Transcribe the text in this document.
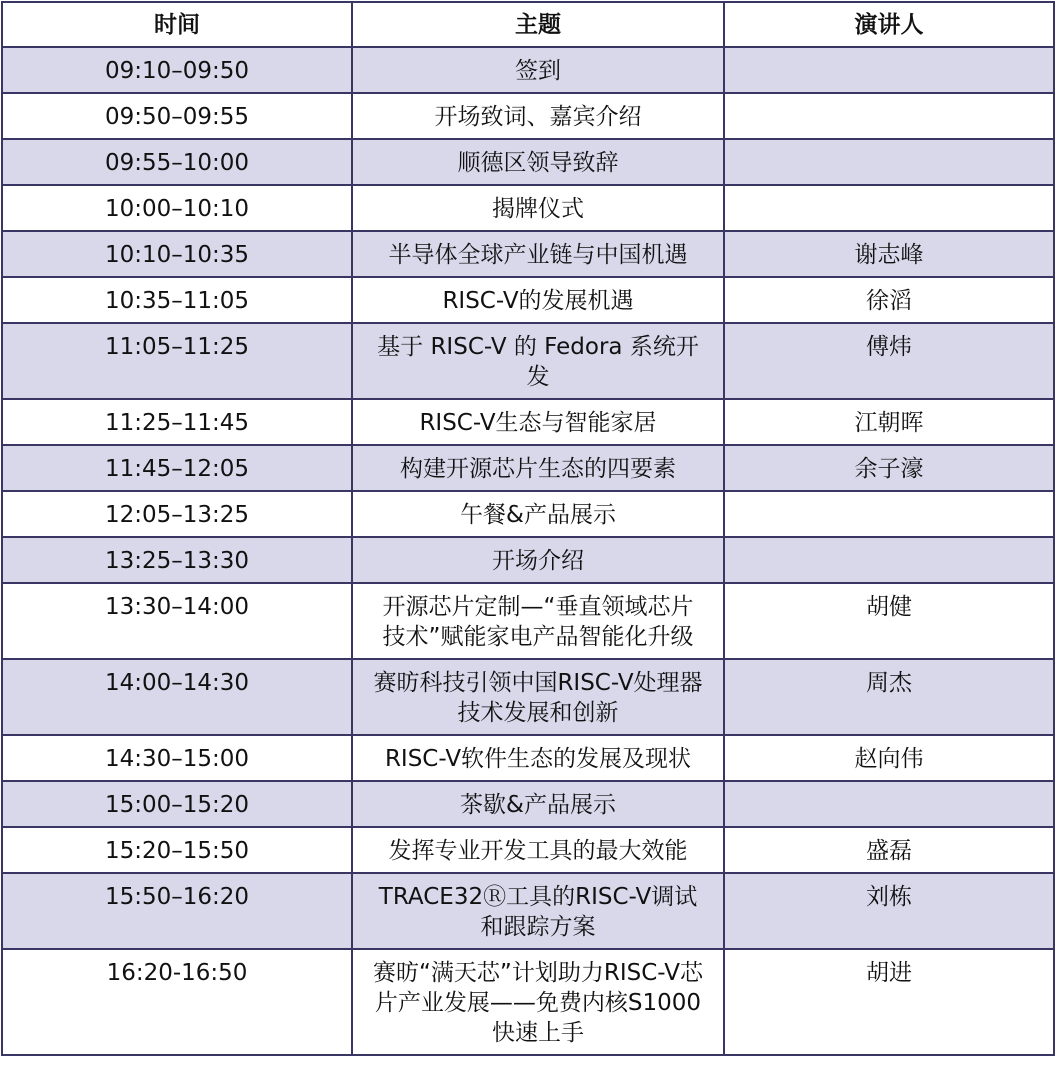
时间	主题	演讲人
09:10–09:50	签到	
09:50–09:55	开场致词、嘉宾介绍	
09:55–10:00	顺德区领导致辞	
10:00–10:10	揭牌仪式	
10:10–10:35	半导体全球产业链与中国机遇	谢志峰
10:35–11:05	RISC-V的发展机遇	徐滔
11:05–11:25	基于 RISC-V 的 Fedora 系统开发	傅炜
11:25–11:45	RISC-V生态与智能家居	江朝晖
11:45–12:05	构建开源芯片生态的四要素	余子濠
12:05–13:25	午餐&产品展示	
13:25–13:30	开场介绍	
13:30–14:00	开源芯片定制—“垂直领域芯片技术”赋能家电产品智能化升级	胡健
14:00–14:30	赛昉科技引领中国RISC-V处理器技术发展和创新	周杰
14:30–15:00	RISC-V软件生态的发展及现状	赵向伟
15:00–15:20	茶歇&产品展示	
15:20–15:50	发挥专业开发工具的最大效能	盛磊
15:50–16:20	TRACE32Ⓡ工具的RISC-V调试和跟踪方案	刘栋
16:20-16:50	赛昉“满天芯”计划助力RISC-V芯片产业发展——免费内核S1000快速上手	胡进
